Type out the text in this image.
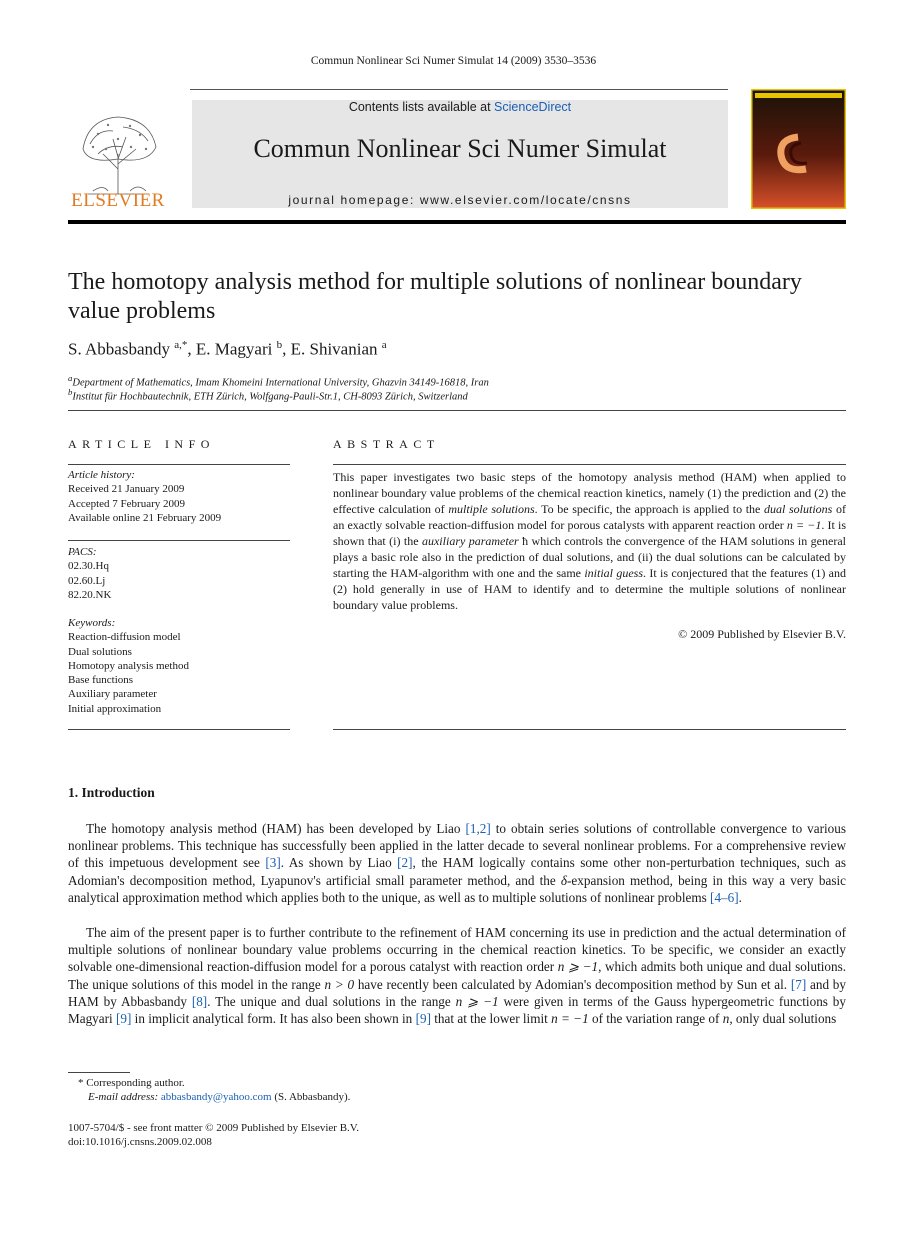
Commun Nonlinear Sci Numer Simulat 14 (2009) 3530–3536
ELSEVIER
Contents lists available at ScienceDirect
Commun Nonlinear Sci Numer Simulat
journal homepage: www.elsevier.com/locate/cnsns
The homotopy analysis method for multiple solutions of nonlinear boundary value problems
S. Abbasbandy $^{a,*}$, E. Magyari $^b$, E. Shivanian $^a$
$^a$Department of Mathematics, Imam Khomeini International University, Ghazvin 34149-16818, Iran
$^b$Institut für Hochbautechnik, ETH Zürich, Wolfgang-Pauli-Str.1, CH-8093 Zürich, Switzerland
ARTICLE INFO
Article history:
Received 21 January 2009
Accepted 7 February 2009
Available online 21 February 2009
PACS:
02.30.Hq
02.60.Lj
82.20.NK
Keywords:
Reaction-diffusion model
Dual solutions
Homotopy analysis method
Base functions
Auxiliary parameter
Initial approximation
ABSTRACT
This paper investigates two basic steps of the homotopy analysis method (HAM) when applied to nonlinear boundary value problems of the chemical reaction kinetics, namely (1) the prediction and (2) the effective calculation of multiple solutions. To be specific, the approach is applied to the dual solutions of an exactly solvable reaction-diffusion model for porous catalysts with apparent reaction order n = −1. It is shown that (i) the auxiliary parameter ħ which controls the convergence of the HAM solutions in general plays a basic role also in the prediction of dual solutions, and (ii) the dual solutions can be calculated by starting the HAM-algorithm with one and the same initial guess. It is conjectured that the features (1) and (2) hold generally in use of HAM to identify and to determine the multiple solutions of nonlinear boundary value problems.
© 2009 Published by Elsevier B.V.
1. Introduction
The homotopy analysis method (HAM) has been developed by Liao [1,2] to obtain series solutions of controllable convergence to various nonlinear problems. This technique has successfully been applied in the latter decade to several nonlinear problems. For a comprehensive review of this impetuous development see [3]. As shown by Liao [2], the HAM logically contains some other non-perturbation techniques, such as Adomian's decomposition method, Lyapunov's artificial small parameter method, and the δ-expansion method, being in this way a very basic analytical approximation method which applies both to the unique, as well as to multiple solutions of nonlinear problems [4–6].
The aim of the present paper is to further contribute to the refinement of HAM concerning its use in prediction and the actual determination of multiple solutions of nonlinear boundary value problems occurring in the chemical reaction kinetics. To be specific, we consider an exactly solvable one-dimensional reaction-diffusion model for a porous catalyst with reaction order n ⩾ −1, which admits both unique and dual solutions. The unique solutions of this model in the range n > 0 have recently been calculated by Adomian's decomposition method by Sun et al. [7] and by HAM by Abbasbandy [8]. The unique and dual solutions in the range n ⩾ −1 were given in terms of the Gauss hypergeometric functions by Magyari [9] in implicit analytical form. It has also been shown in [9] that at the lower limit n = −1 of the variation range of n, only dual solutions
* Corresponding author.
E-mail address: abbasbandy@yahoo.com (S. Abbasbandy).
1007-5704/$ - see front matter © 2009 Published by Elsevier B.V.
doi:10.1016/j.cnsns.2009.02.008
